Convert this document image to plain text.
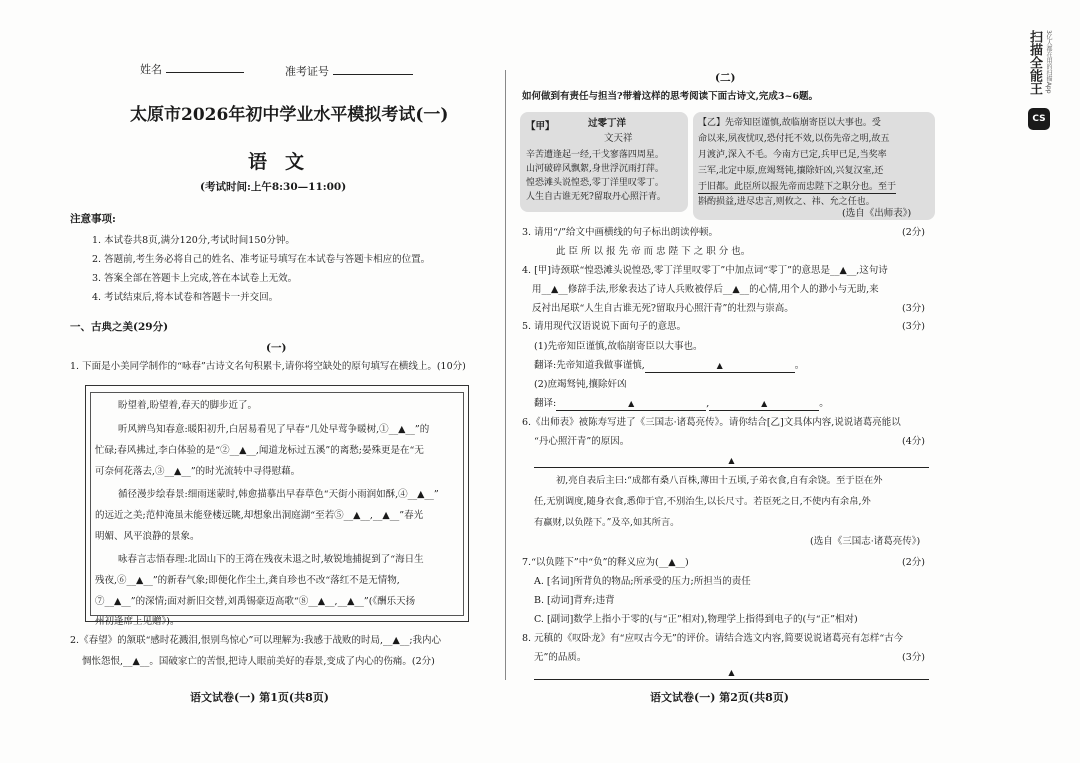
扫描全能王 3亿人都在用的扫描App
CS
姓名	准考证号
太原市2026年初中学业水平模拟考试(一)
语文
(考试时间:上午8:30—11:00)
注意事项:
1. 本试卷共8页,满分120分,考试时间150分钟。
2. 答题前,考生务必将自己的姓名、准考证号填写在本试卷与答题卡相应的位置。
3. 答案全部在答题卡上完成,答在本试卷上无效。
4. 考试结束后,将本试卷和答题卡一并交回。
一、古典之美(29分)
(一)
1. 下面是小美同学制作的“咏春”古诗文名句积累卡,请你将空缺处的原句填写在横线上。(10分)
盼望着,盼望着,春天的脚步近了。
听风辨鸟知春意:暖阳初升,白居易看见了早春“几处早莺争暖树,①__▲__”的
忙碌;春风拂过,李白体验的是“②__▲__,闻道龙标过五溪”的离愁;晏殊更是在“无
可奈何花落去,③__▲__”的时光流转中寻得慰藉。
循径漫步绘春景:细雨迷蒙时,韩愈描摹出早春草色“天街小雨润如酥,④__▲__”
的远近之美;范仲淹虽未能登楼远眺,却想象出洞庭湖“至若⑤__▲__,__▲__”春光
明媚、风平浪静的景象。
咏春言志悟春理:北固山下的王湾在残夜未退之时,敏锐地捕捉到了“海日生
残夜,⑥__▲__”的新春气象;即便化作尘土,龚自珍也不改“落红不是无情物,
⑦__▲__”的深情;面对新旧交替,刘禹锡豪迈高歌“⑧__▲__,__▲__”(《酬乐天扬
州初逢席上见赠》)。
2.《春望》的颔联“感时花溅泪,恨别鸟惊心”可以理解为:我感于战败的时局,__▲__;我内心
惆怅怨恨,__▲__。国破家亡的苦恨,把诗人眼前美好的春景,变成了内心的伤痛。(2分)
语文试卷(一) 第1页(共8页)
(二)
如何做到有责任与担当?带着这样的思考阅读下面古诗文,完成3~6题。
【甲】	过零丁洋
文天祥
辛苦遭逢起一经,干戈寥落四周星。
山河破碎风飘絮,身世浮沉雨打萍。
惶恐滩头说惶恐,零丁洋里叹零丁。
人生自古谁无死?留取丹心照汗青。
【乙】先帝知臣谨慎,故临崩寄臣以大事也。受
命以来,夙夜忧叹,恐付托不效,以伤先帝之明,故五
月渡泸,深入不毛。今南方已定,兵甲已足,当奖率
三军,北定中原,庶竭驽钝,攘除奸凶,兴复汉室,还
于旧都。此臣所以报先帝而忠陛下之职分也。至于
斟酌损益,进尽忠言,则攸之、祎、允之任也。
(选自《出师表》)
3. 请用“/”给文中画横线的句子标出朗读停顿。	(2分)
此 臣 所 以 报 先 帝 而 忠 陛 下 之 职 分 也。
4. [甲]诗颈联“惶恐滩头说惶恐,零丁洋里叹零丁”中加点词“零丁”的意思是__▲__,这句诗
用__▲__修辞手法,形象表达了诗人兵败被俘后__▲__的心情,用个人的渺小与无助,来
反衬出尾联“人生自古谁无死?留取丹心照汗青”的壮烈与崇高。	(3分)
5. 请用现代汉语说说下面句子的意思。	(3分)
(1)先帝知臣谨慎,故临崩寄臣以大事也。
翻译:先帝知道我做事谨慎,	▲	。
(2)庶竭驽钝,攘除奸凶
翻译:	▲	,	▲	。
6.《出师表》被陈寿写进了《三国志·诸葛亮传》。请你结合[乙]文具体内容,说说诸葛亮能以
“丹心照汗青”的原因。	(4分)
▲
初,亮自表后主曰:“成都有桑八百株,薄田十五顷,子弟衣食,自有余饶。至于臣在外
任,无别调度,随身衣食,悉仰于官,不别治生,以长尺寸。若臣死之日,不使内有余帛,外
有赢财,以负陛下。”及卒,如其所言。
(选自《三国志·诸葛亮传》)
7.“以负陛下”中“负”的释义应为(__▲__)	(2分)
A. [名词]所背负的物品;所承受的压力;所担当的责任
B. [动词]背弃;违背
C. [副词]数学上指小于零的(与“正”相对),物理学上指得到电子的(与“正”相对)
8. 元稹的《叹卧龙》有“应叹古今无”的评价。请结合选文内容,简要说说诸葛亮有怎样“古今
无”的品质。	(3分)
▲
语文试卷(一) 第2页(共8页)
